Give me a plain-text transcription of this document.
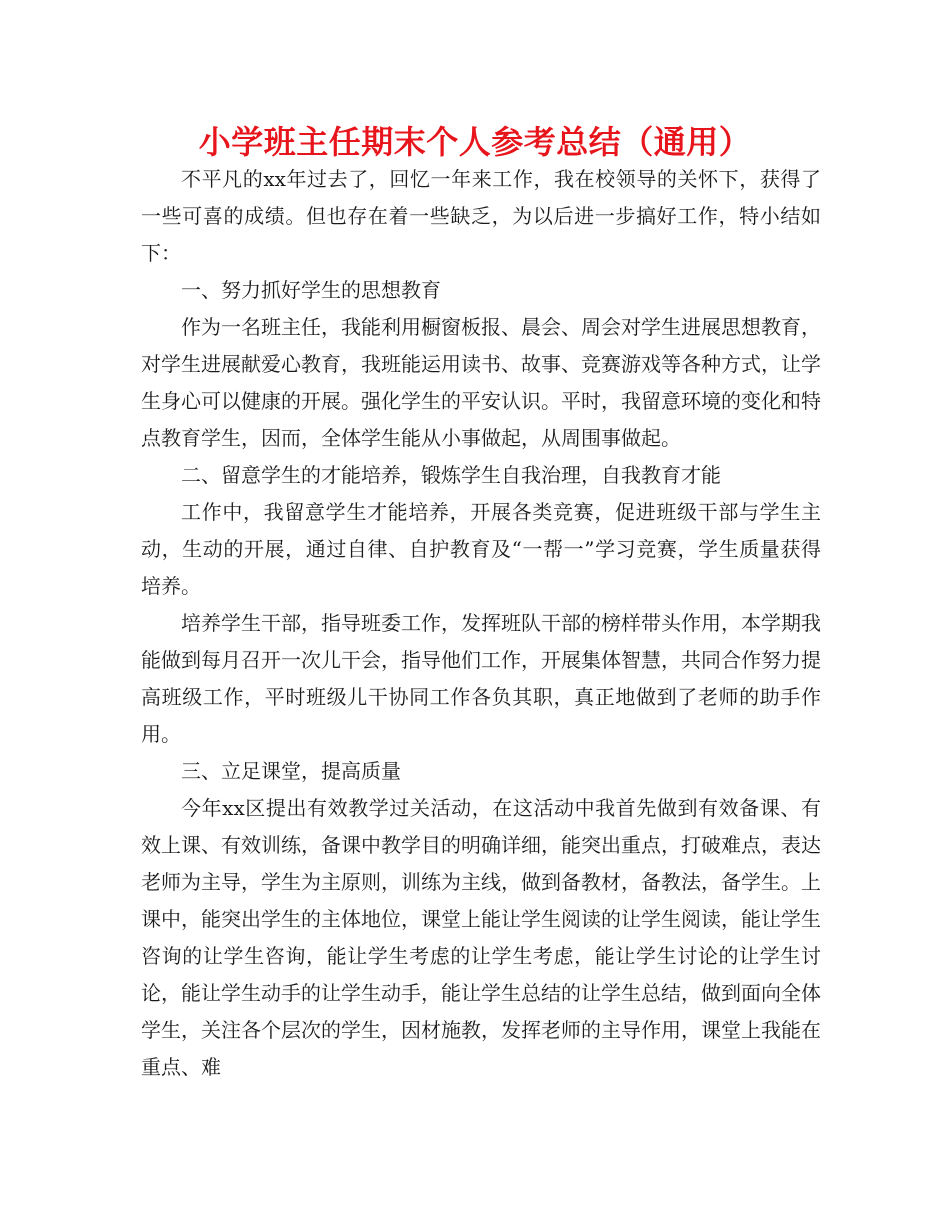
小学班主任期末个人参考总结（通用）

不平凡的xx年过去了，回忆一年来工作，我在校领导的关怀下，获得了一些可喜的成绩。但也存在着一些缺乏，为以后进一步搞好工作，特小结如下：

一、努力抓好学生的思想教育

作为一名班主任，我能利用橱窗板报、晨会、周会对学生进展思想教育，对学生进展献爱心教育，我班能运用读书、故事、竞赛游戏等各种方式，让学生身心可以健康的开展。强化学生的平安认识。平时，我留意环境的变化和特点教育学生，因而，全体学生能从小事做起，从周围事做起。

二、留意学生的才能培养，锻炼学生自我治理，自我教育才能

工作中，我留意学生才能培养，开展各类竞赛，促进班级干部与学生主动，生动的开展，通过自律、自护教育及“一帮一”学习竞赛，学生质量获得培养。

培养学生干部，指导班委工作，发挥班队干部的榜样带头作用，本学期我能做到每月召开一次儿干会，指导他们工作，开展集体智慧，共同合作努力提高班级工作，平时班级儿干协同工作各负其职，真正地做到了老师的助手作用。

三、立足课堂，提高质量

今年xx区提出有效教学过关活动，在这活动中我首先做到有效备课、有效上课、有效训练，备课中教学目的明确详细，能突出重点，打破难点，表达老师为主导，学生为主原则，训练为主线，做到备教材，备教法，备学生。上课中，能突出学生的主体地位，课堂上能让学生阅读的让学生阅读，能让学生咨询的让学生咨询，能让学生考虑的让学生考虑，能让学生讨论的让学生讨论，能让学生动手的让学生动手，能让学生总结的让学生总结，做到面向全体学生，关注各个层次的学生，因材施教，发挥老师的主导作用，课堂上我能在重点、难
